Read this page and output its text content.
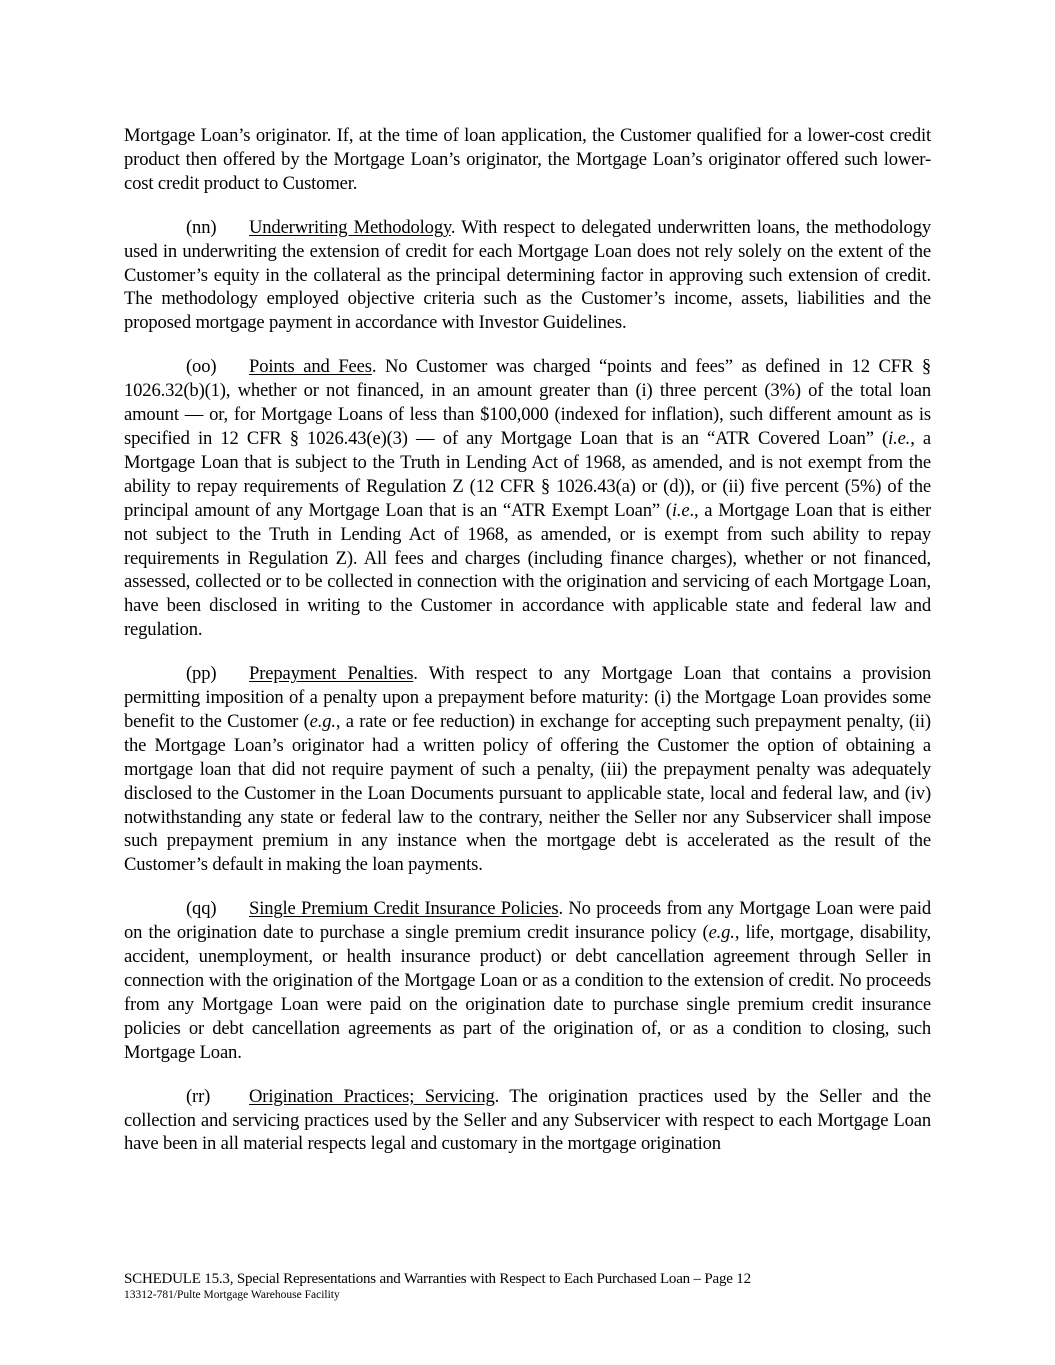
Mortgage Loan’s originator. If, at the time of loan application, the Customer qualified for a lower-cost credit product then offered by the Mortgage Loan’s originator, the Mortgage Loan’s originator offered such lower-cost credit product to Customer.

(nn) Underwriting Methodology. With respect to delegated underwritten loans, the methodology used in underwriting the extension of credit for each Mortgage Loan does not rely solely on the extent of the Customer’s equity in the collateral as the principal determining factor in approving such extension of credit. The methodology employed objective criteria such as the Customer’s income, assets, liabilities and the proposed mortgage payment in accordance with Investor Guidelines.

(oo) Points and Fees. No Customer was charged “points and fees” as defined in 12 CFR § 1026.32(b)(1), whether or not financed, in an amount greater than (i) three percent (3%) of the total loan amount — or, for Mortgage Loans of less than $100,000 (indexed for inflation), such different amount as is specified in 12 CFR § 1026.43(e)(3) — of any Mortgage Loan that is an “ATR Covered Loan” (i.e., a Mortgage Loan that is subject to the Truth in Lending Act of 1968, as amended, and is not exempt from the ability to repay requirements of Regulation Z (12 CFR § 1026.43(a) or (d)), or (ii) five percent (5%) of the principal amount of any Mortgage Loan that is an “ATR Exempt Loan” (i.e., a Mortgage Loan that is either not subject to the Truth in Lending Act of 1968, as amended, or is exempt from such ability to repay requirements in Regulation Z). All fees and charges (including finance charges), whether or not financed, assessed, collected or to be collected in connection with the origination and servicing of each Mortgage Loan, have been disclosed in writing to the Customer in accordance with applicable state and federal law and regulation.

(pp) Prepayment Penalties. With respect to any Mortgage Loan that contains a provision permitting imposition of a penalty upon a prepayment before maturity: (i) the Mortgage Loan provides some benefit to the Customer (e.g., a rate or fee reduction) in exchange for accepting such prepayment penalty, (ii) the Mortgage Loan’s originator had a written policy of offering the Customer the option of obtaining a mortgage loan that did not require payment of such a penalty, (iii) the prepayment penalty was adequately disclosed to the Customer in the Loan Documents pursuant to applicable state, local and federal law, and (iv) notwithstanding any state or federal law to the contrary, neither the Seller nor any Subservicer shall impose such prepayment premium in any instance when the mortgage debt is accelerated as the result of the Customer’s default in making the loan payments.

(qq) Single Premium Credit Insurance Policies. No proceeds from any Mortgage Loan were paid on the origination date to purchase a single premium credit insurance policy (e.g., life, mortgage, disability, accident, unemployment, or health insurance product) or debt cancellation agreement through Seller in connection with the origination of the Mortgage Loan or as a condition to the extension of credit. No proceeds from any Mortgage Loan were paid on the origination date to purchase single premium credit insurance policies or debt cancellation agreements as part of the origination of, or as a condition to closing, such Mortgage Loan.

(rr) Origination Practices; Servicing. The origination practices used by the Seller and the collection and servicing practices used by the Seller and any Subservicer with respect to each Mortgage Loan have been in all material respects legal and customary in the mortgage origination

SCHEDULE 15.3, Special Representations and Warranties with Respect to Each Purchased Loan – Page 12
13312-781/Pulte Mortgage Warehouse Facility
